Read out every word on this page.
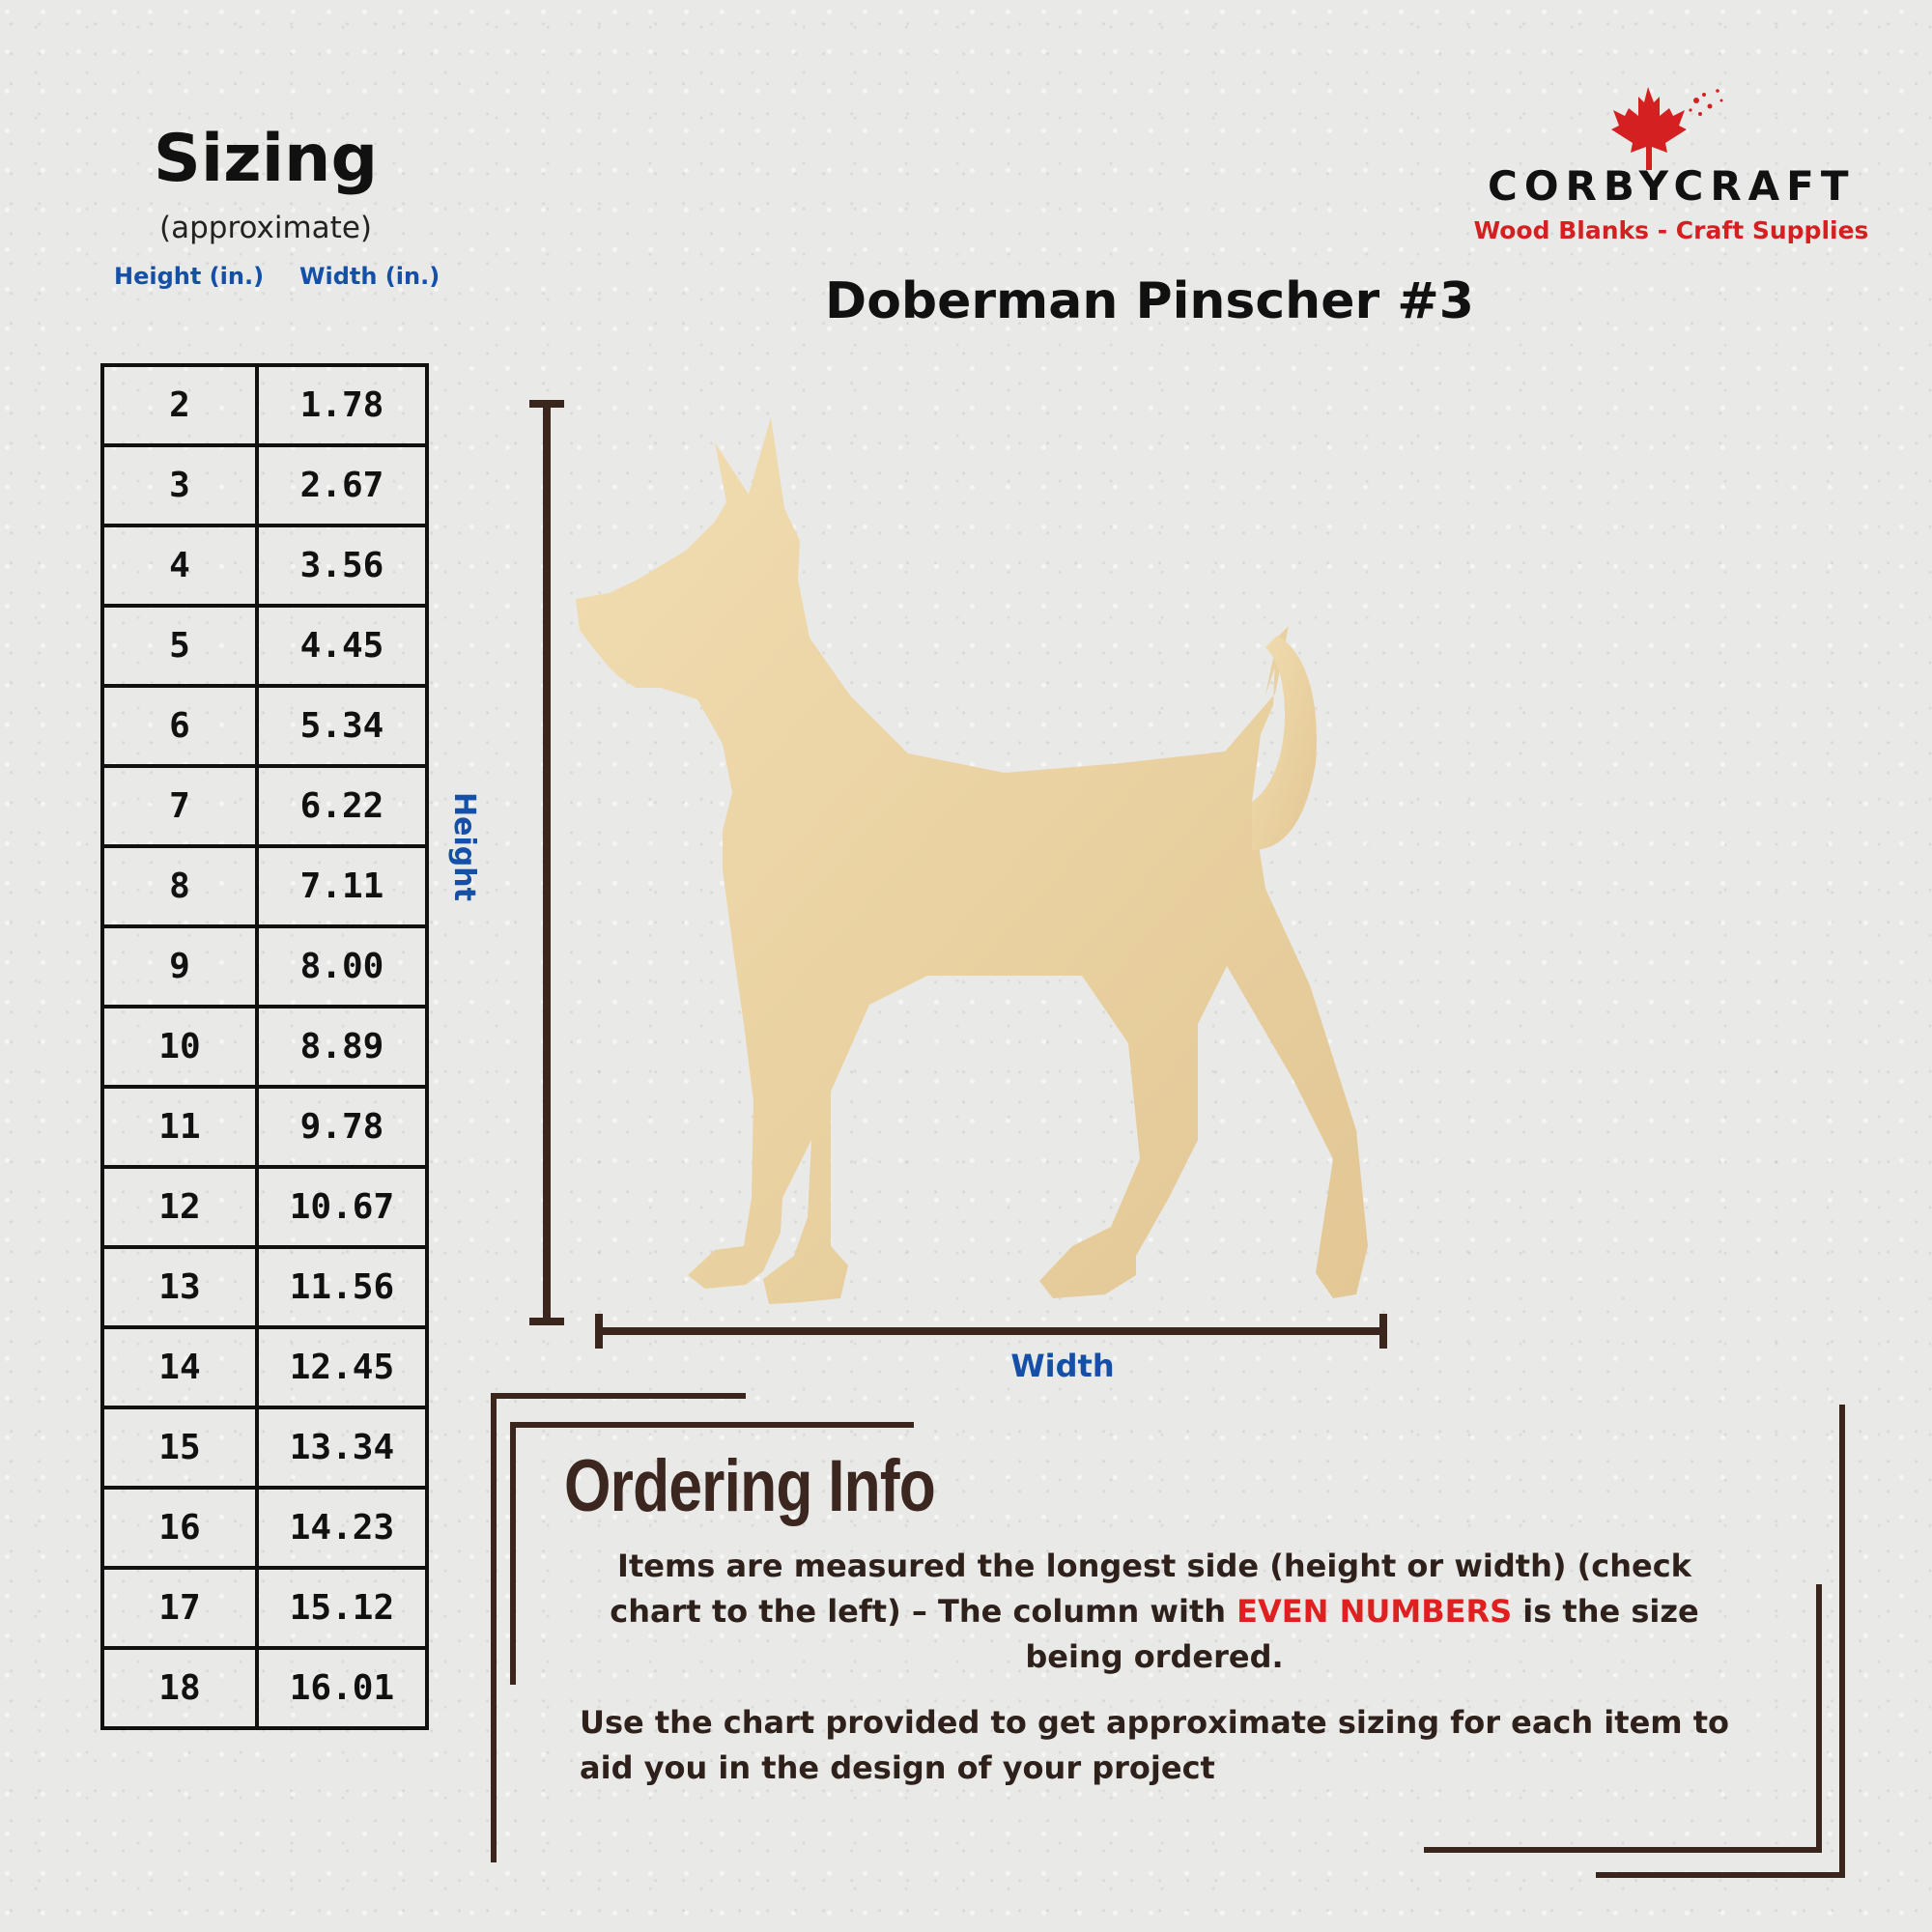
Sizing
(approximate)
Height (in.) Width (in.)
2	1.78
3	2.67
4	3.56
5	4.45
6	5.34
7	6.22
8	7.11
9	8.00
10	8.89
11	9.78
12	10.67
13	11.56
14	12.45
15	13.34
16	14.23
17	15.12
18	16.01
CORBYCRAFT
Wood Blanks - Craft Supplies
Doberman Pinscher #3
Height
Width
Ordering Info
Items are measured the longest side (height or width) (check chart to the left) – The column with EVEN NUMBERS is the size being ordered.
Use the chart provided to get approximate sizing for each item to aid you in the design of your project
